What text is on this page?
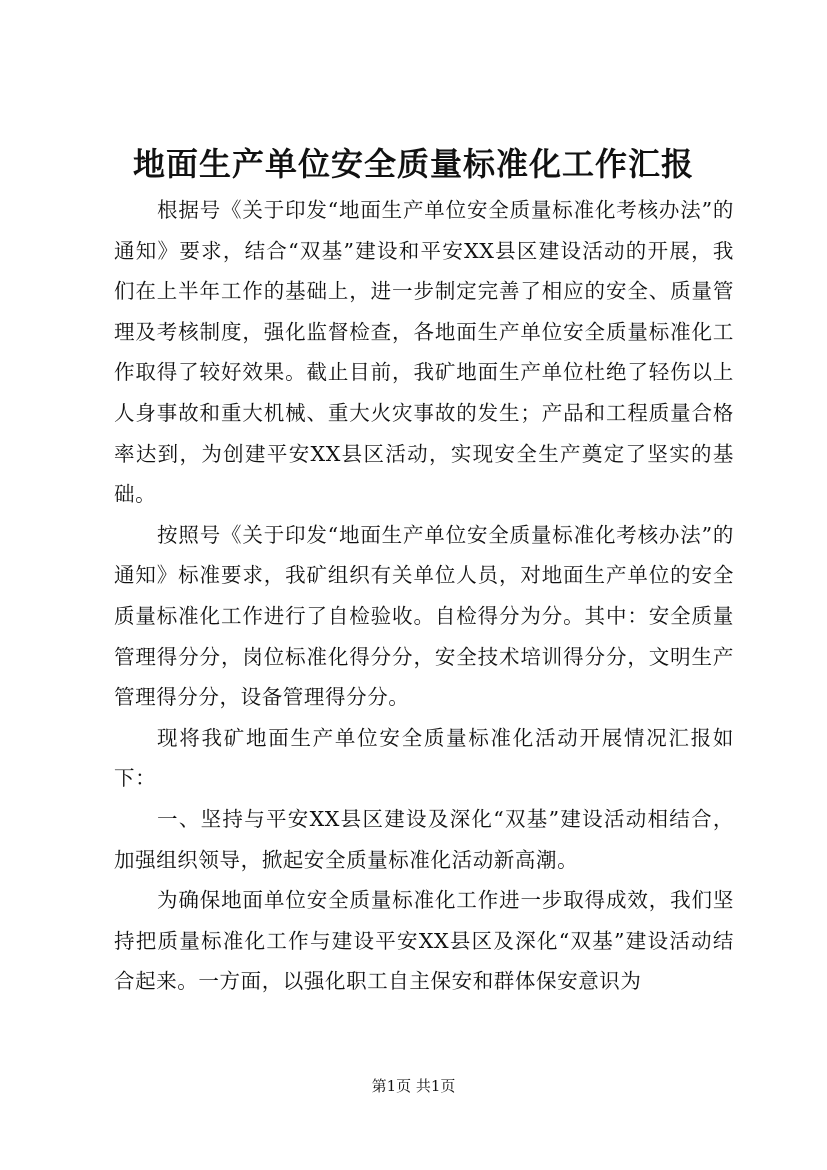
地面生产单位安全质量标准化工作汇报

根据号《关于印发“地面生产单位安全质量标准化考核办法”的通知》要求，结合“双基”建设和平安XX县区建设活动的开展，我们在上半年工作的基础上，进一步制定完善了相应的安全、质量管理及考核制度，强化监督检查，各地面生产单位安全质量标准化工作取得了较好效果。截止目前，我矿地面生产单位杜绝了轻伤以上人身事故和重大机械、重大火灾事故的发生；产品和工程质量合格率达到，为创建平安XX县区活动，实现安全生产奠定了坚实的基础。

按照号《关于印发“地面生产单位安全质量标准化考核办法”的通知》标准要求，我矿组织有关单位人员，对地面生产单位的安全质量标准化工作进行了自检验收。自检得分为分。其中：安全质量管理得分分，岗位标准化得分分，安全技术培训得分分，文明生产管理得分分，设备管理得分分。

现将我矿地面生产单位安全质量标准化活动开展情况汇报如下：

一、坚持与平安XX县区建设及深化“双基”建设活动相结合，加强组织领导，掀起安全质量标准化活动新高潮。

为确保地面单位安全质量标准化工作进一步取得成效，我们坚持把质量标准化工作与建设平安XX县区及深化“双基”建设活动结合起来。一方面，以强化职工自主保安和群体保安意识为

第1页 共1页
